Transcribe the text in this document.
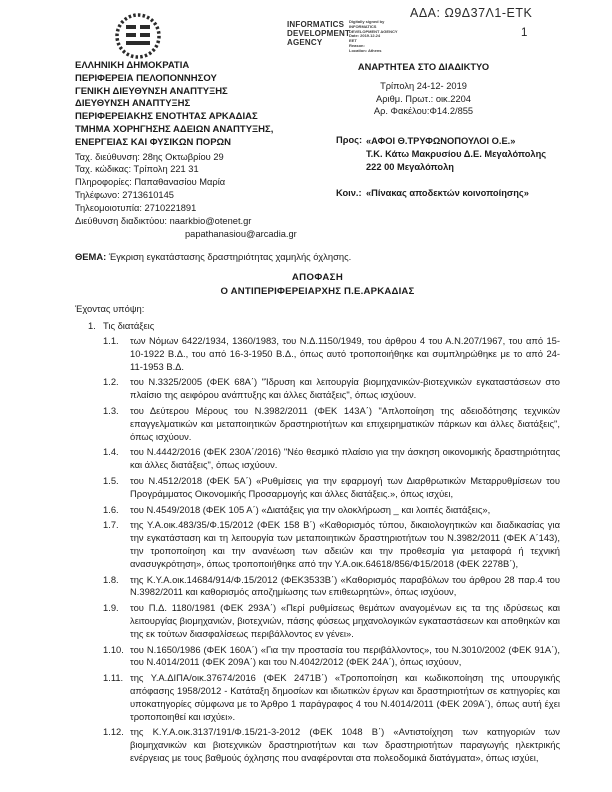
ΑΔΑ: Ω9Δ37Λ1-ΕΤΚ
1
INFORMATICS DEVELOPMENT AGENCY
Digitally signed by
INFORMATICS
DEVELOPMENT AGENCY
Date: 2019.12.24
EET
Reason:
Location: Athens
ΕΛΛΗΝΙΚΗ ΔΗΜΟΚΡΑΤΙΑ
ΠΕΡΙΦΕΡΕΙΑ ΠΕΛΟΠΟΝΝΗΣΟΥ
ΓΕΝΙΚΗ ΔΙΕΥΘΥΝΣΗ ΑΝΑΠΤΥΞΗΣ
ΔΙΕΥΘΥΝΣΗ ΑΝΑΠΤΥΞΗΣ
ΠΕΡΙΦΕΡΕΙΑΚΗΣ ΕΝΟΤΗΤΑΣ ΑΡΚΑΔΙΑΣ
ΤΜΗΜΑ ΧΟΡΗΓΗΣΗΣ ΑΔΕΙΩΝ ΑΝΑΠΤΥΞΗΣ,
ΕΝΕΡΓΕΙΑΣ ΚΑΙ ΦΥΣΙΚΩΝ ΠΟΡΩΝ
Ταχ. διεύθυνση: 28ης Οκτωβρίου 29
Ταχ. κώδικας: Τρίπολη 221 31
Πληροφορίες: Παπαθανασίου Μαρία
Τηλέφωνο: 2713610145
Τηλεομοιοτυπία: 2710221891
Διεύθυνση διαδικτύου: naarkbio@otenet.gr
papathanasiou@arcadia.gr
ΑΝΑΡΤΗΤΕΑ ΣΤΟ ΔΙΑΔΙΚΤΥΟ
Τρίπολη 24-12- 2019
Αριθμ. Πρωτ.: οικ.2204
Αρ. Φακέλου:Φ14.2/855
Προς: «ΑΦΟΙ Θ.ΤΡΥΦΩΝΟΠΟΥΛΟΙ Ο.Ε.»
Τ.Κ. Κάτω Μακρυσίου Δ.Ε. Μεγαλόπολης
222 00 Μεγαλόπολη
Κοιν.: «Πίνακας αποδεκτών κοινοποίησης»
ΘΕΜΑ: Έγκριση εγκατάστασης δραστηριότητας χαμηλής όχλησης.
ΑΠΟΦΑΣΗ
Ο ΑΝΤΙΠΕΡΙΦΕΡΕΙΑΡΧΗΣ Π.Ε.ΑΡΚΑΔΙΑΣ
Έχοντας υπόψη:
1. Τις διατάξεις
1.1.	των Νόμων 6422/1934, 1360/1983, του Ν.Δ.1150/1949, του άρθρου 4 του Α.Ν.207/1967, του από 15-10-1922 Β.Δ., του από 16-3-1950 Β.Δ., όπως αυτό τροποποιήθηκε και συμπληρώθηκε με το από 24-11-1953 Β.Δ.
1.2.	του Ν.3325/2005 (ΦΕΚ 68Α΄) "Ίδρυση και λειτουργία βιομηχανικών-βιοτεχνικών εγκαταστάσεων στο πλαίσιο της αειφόρου ανάπτυξης και άλλες διατάξεις", όπως ισχύουν.
1.3.	του Δεύτερου Μέρους του Ν.3982/2011 (ΦΕΚ 143Α΄) "Απλοποίηση της αδειοδότησης τεχνικών επαγγελματικών και μεταποιητικών δραστηριοτήτων και επιχειρηματικών πάρκων και άλλες διατάξεις", όπως ισχύουν.
1.4.	του Ν.4442/2016 (ΦΕΚ 230Α΄/2016) "Νέο θεσμικό πλαίσιο για την άσκηση οικονομικής δραστηριότητας και άλλες διατάξεις", όπως ισχύουν.
1.5.	του Ν.4512/2018 (ΦΕΚ 5Α΄) «Ρυθμίσεις για την εφαρμογή των Διαρθρωτικών Μεταρρυθμίσεων του Προγράμματος Οικονομικής Προσαρμογής και άλλες διατάξεις.», όπως ισχύει,
1.6.	του Ν.4549/2018 (ΦΕΚ 105 Α΄) «Διατάξεις για την ολοκλήρωση _ και λοιπές διατάξεις»,
1.7.	της Υ.Α.οικ.483/35/Φ.15/2012 (ΦΕΚ 158 Β΄) «Καθορισμός τύπου, δικαιολογητικών και διαδικασίας για την εγκατάσταση και τη λειτουργία των μεταποιητικών δραστηριοτήτων του Ν.3982/2011 (ΦΕΚ Α΄143), την τροποποίηση και την ανανέωση των αδειών και την προθεσμία για μεταφορά ή τεχνική ανασυγκρότηση», όπως τροποποιήθηκε από την Υ.Α.οικ.64618/856/Φ15/2018 (ΦΕΚ 2278Β΄),
1.8.	της Κ.Υ.Α.οικ.14684/914/Φ.15/2012 (ΦΕΚ3533Β΄) «Καθορισμός παραβόλων του άρθρου 28 παρ.4 του Ν.3982/2011 και καθορισμός αποζημίωσης των επιθεωρητών», όπως ισχύουν,
1.9.	του Π.Δ. 1180/1981 (ΦΕΚ 293Α΄) «Περί ρυθμίσεως θεμάτων αναγομένων εις τα της ιδρύσεως και λειτουργίας βιομηχανιών, βιοτεχνιών, πάσης φύσεως μηχανολογικών εγκαταστάσεων και αποθηκών και της εκ τούτων διασφαλίσεως περιβάλλοντος εν γένει».
1.10. του Ν.1650/1986 (ΦΕΚ 160Α΄) «Για την προστασία του περιβάλλοντος», του Ν.3010/2002 (ΦΕΚ 91Α΄), του Ν.4014/2011 (ΦΕΚ 209Α΄) και του Ν.4042/2012 (ΦΕΚ 24Α΄), όπως ισχύουν,
1.11. της Υ.Α.ΔΙΠΑ/οικ.37674/2016 (ΦΕΚ 2471Β΄) «Τροποποίηση και κωδικοποίηση της υπουργικής απόφασης 1958/2012 - Κατάταξη δημοσίων και ιδιωτικών έργων και δραστηριοτήτων σε κατηγορίες και υποκατηγορίες σύμφωνα με το Άρθρο 1 παράγραφος 4 του Ν.4014/2011 (ΦΕΚ 209Α΄), όπως αυτή έχει τροποποιηθεί και ισχύει».
1.12. της Κ.Υ.Α.οικ.3137/191/Φ.15/21-3-2012 (ΦΕΚ 1048 Β΄) «Αντιστοίχηση των κατηγοριών των βιομηχανικών και βιοτεχνικών δραστηριοτήτων και των δραστηριοτήτων παραγωγής ηλεκτρικής ενέργειας με τους βαθμούς όχλησης που αναφέρονται στα πολεοδομικά διατάγματα», όπως ισχύει,
